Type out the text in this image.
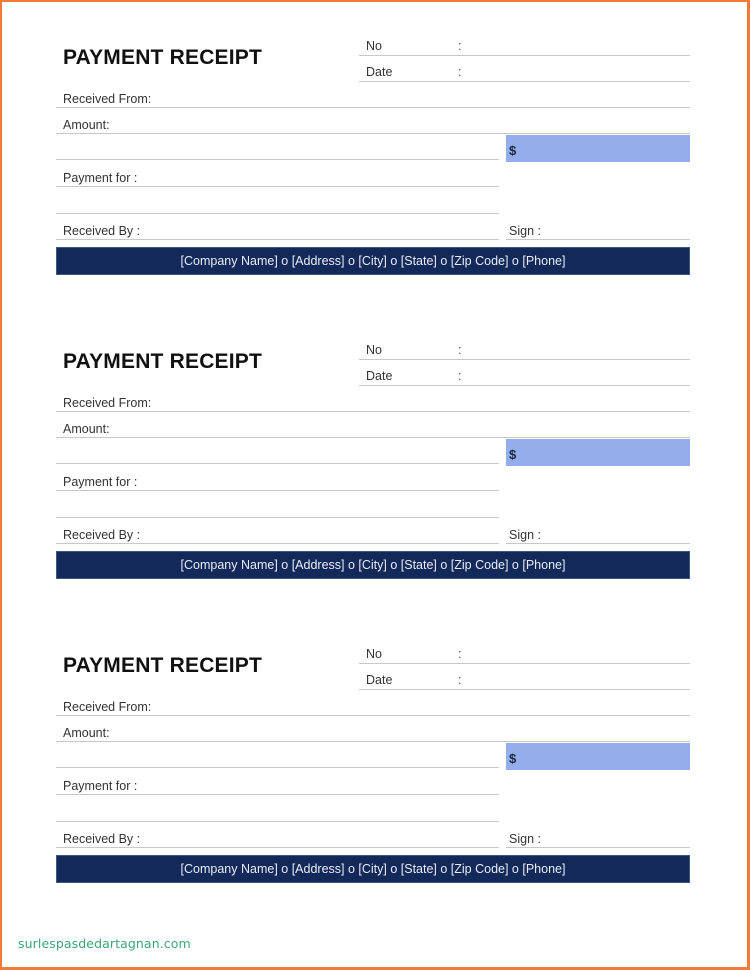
PAYMENT RECEIPT	No	:
Date	:
Received From:
Amount:
$
Payment for :
Received By :	Sign :
[Company Name] o [Address] o [City] o [State] o [Zip Code] o [Phone]
PAYMENT RECEIPT	No	:
Date	:
Received From:
Amount:
$
Payment for :
Received By :	Sign :
[Company Name] o [Address] o [City] o [State] o [Zip Code] o [Phone]
PAYMENT RECEIPT	No	:
Date	:
Received From:
Amount:
$
Payment for :
Received By :	Sign :
[Company Name] o [Address] o [City] o [State] o [Zip Code] o [Phone]
surlespasdedartagnan.com
